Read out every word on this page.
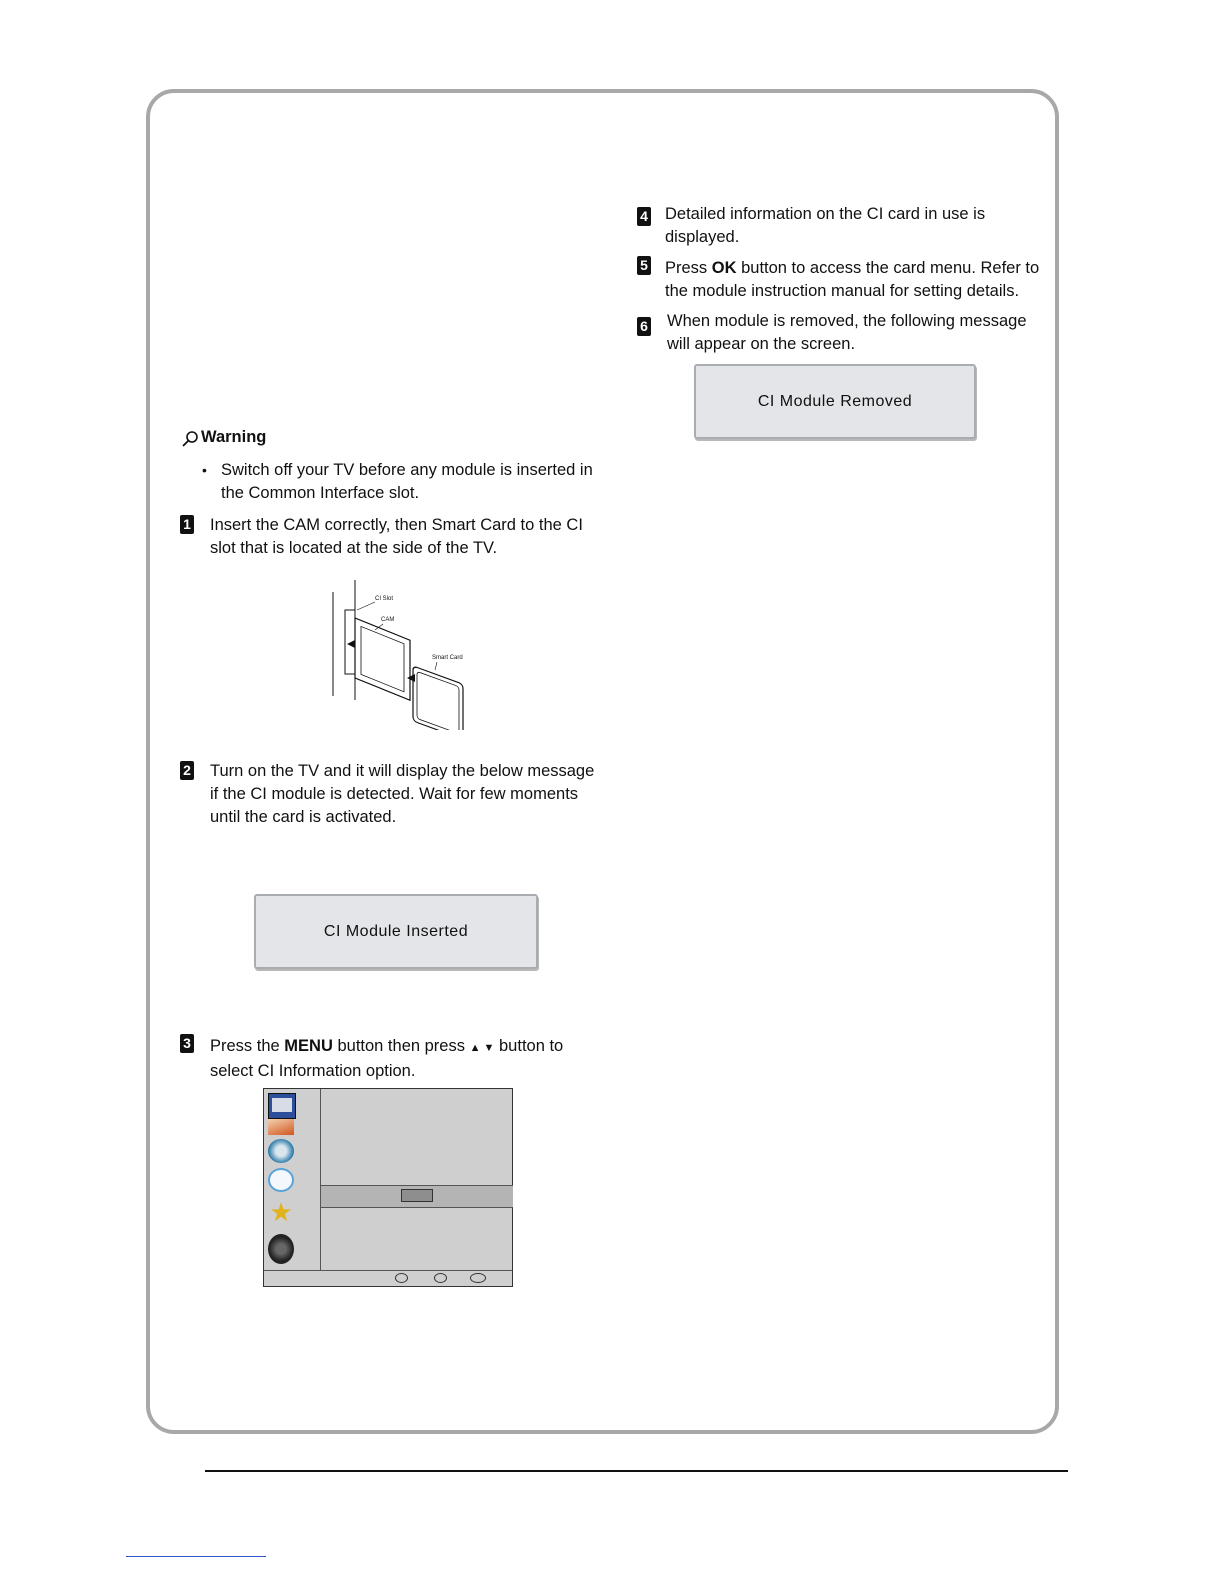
4 Detailed information on the CI card in use is
displayed.
5 Press OK button to access the card menu. Refer to
the module instruction manual for setting details.
6 When module is removed, the following message
will appear on the screen.
CI Module Removed
Warning
• Switch off your TV before any module is inserted in
the Common Interface slot.
1 Insert the CAM correctly, then Smart Card to the CI
slot that is located at the side of the TV.
CI Slot
CAM
Smart Card
2 Turn on the TV and it will display the below message
if the CI module is detected. Wait for few moments
until the card is activated.
CI Module Inserted
3 Press the MENU button then press ▲ ▼ button to
select CI Information option.
★
